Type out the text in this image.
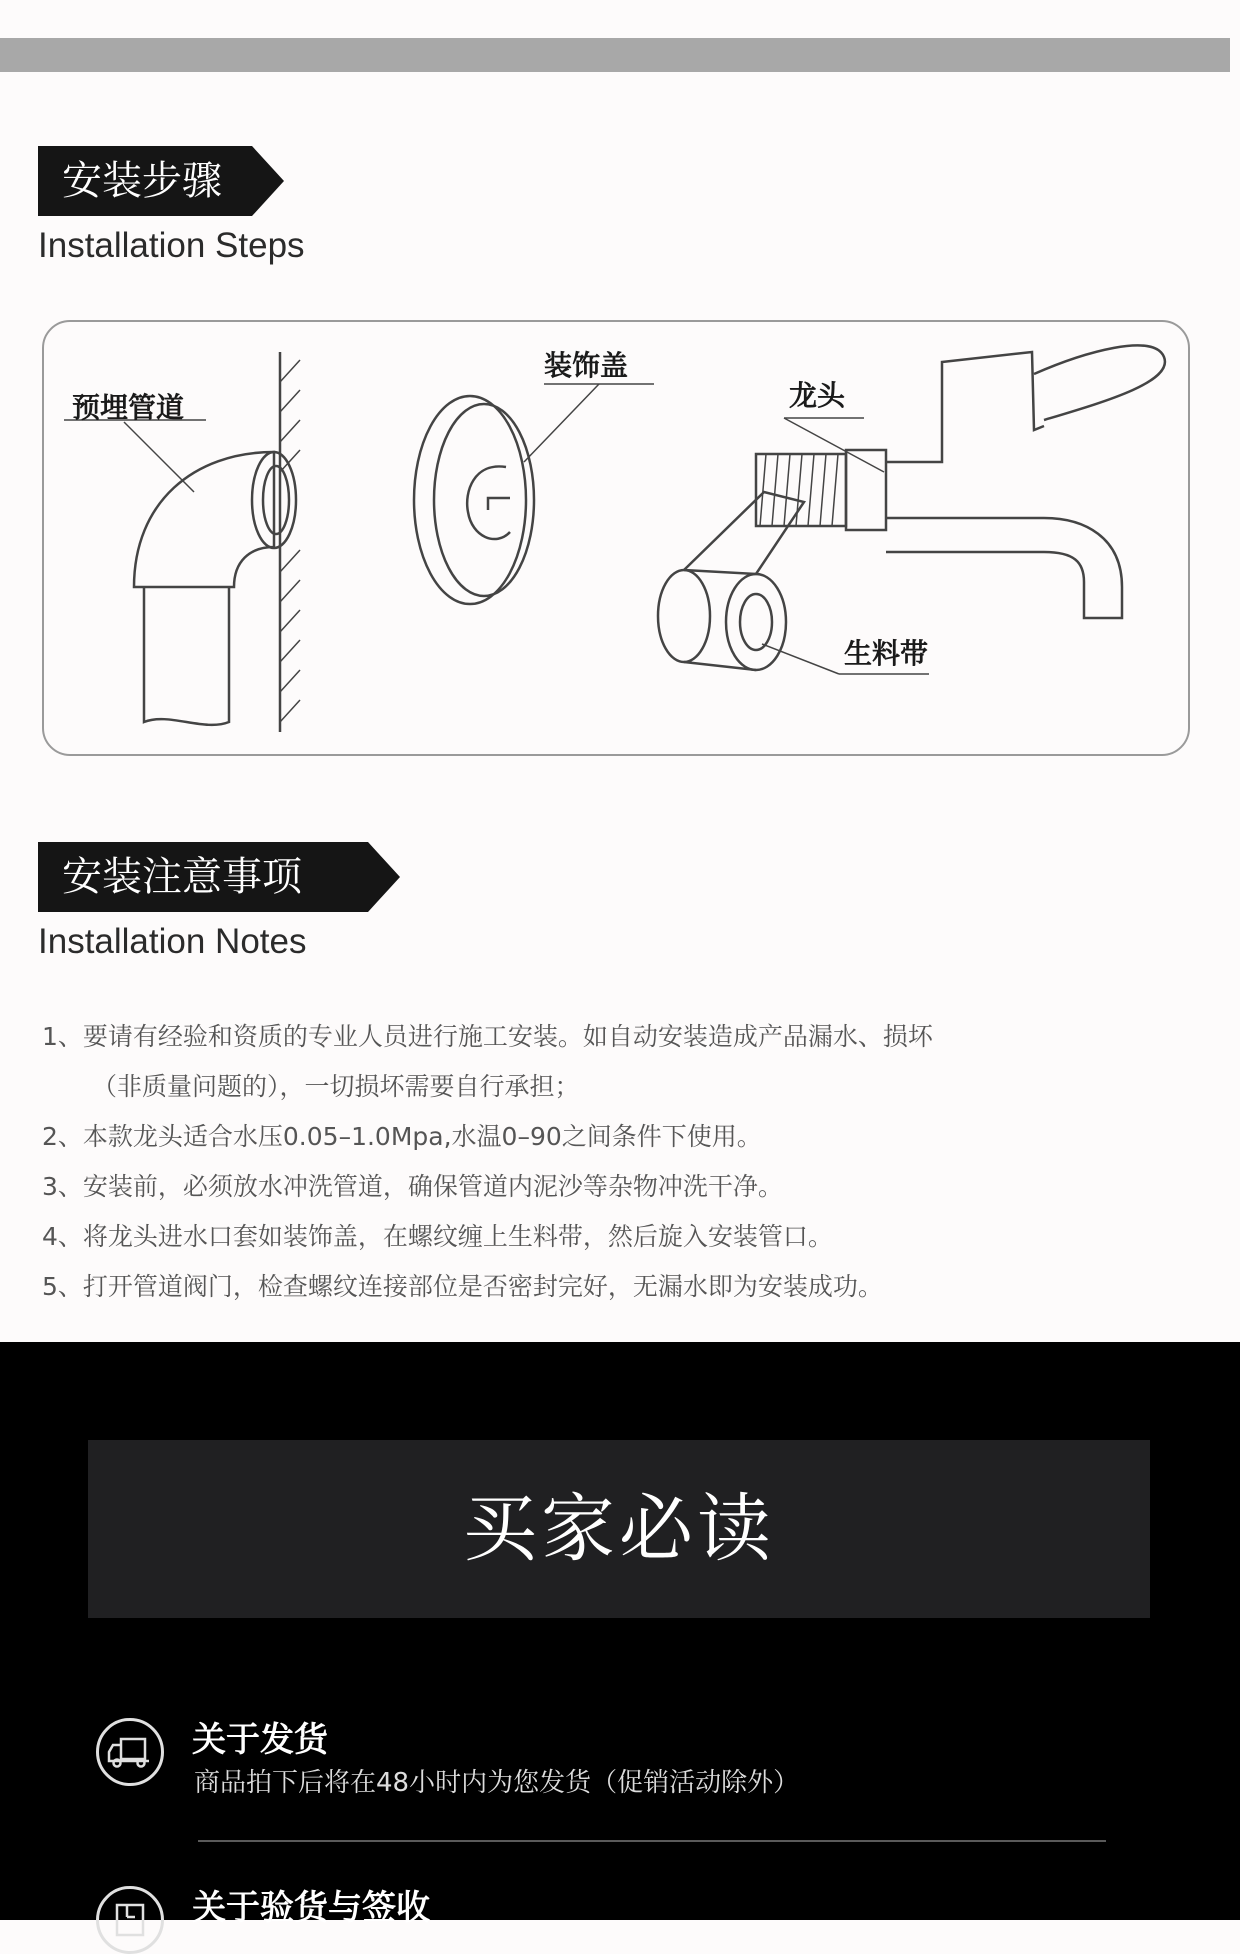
安装步骤
Installation Steps
预埋管道
装饰盖
龙头
生料带
安装注意事项
Installation Notes
1、要请有经验和资质的专业人员进行施工安装。如自动安装造成产品漏水、损坏
（非质量问题的），一切损坏需要自行承担；
2、本款龙头适合水压0.05–1.0Mpa,水温0–90之间条件下使用。
3、安装前，必须放水冲洗管道，确保管道内泥沙等杂物冲洗干净。
4、将龙头进水口套如装饰盖，在螺纹缠上生料带，然后旋入安装管口。
5、打开管道阀门，检查螺纹连接部位是否密封完好，无漏水即为安装成功。
买家必读
关于发货
商品拍下后将在48小时内为您发货（促销活动除外）
关于验货与签收
